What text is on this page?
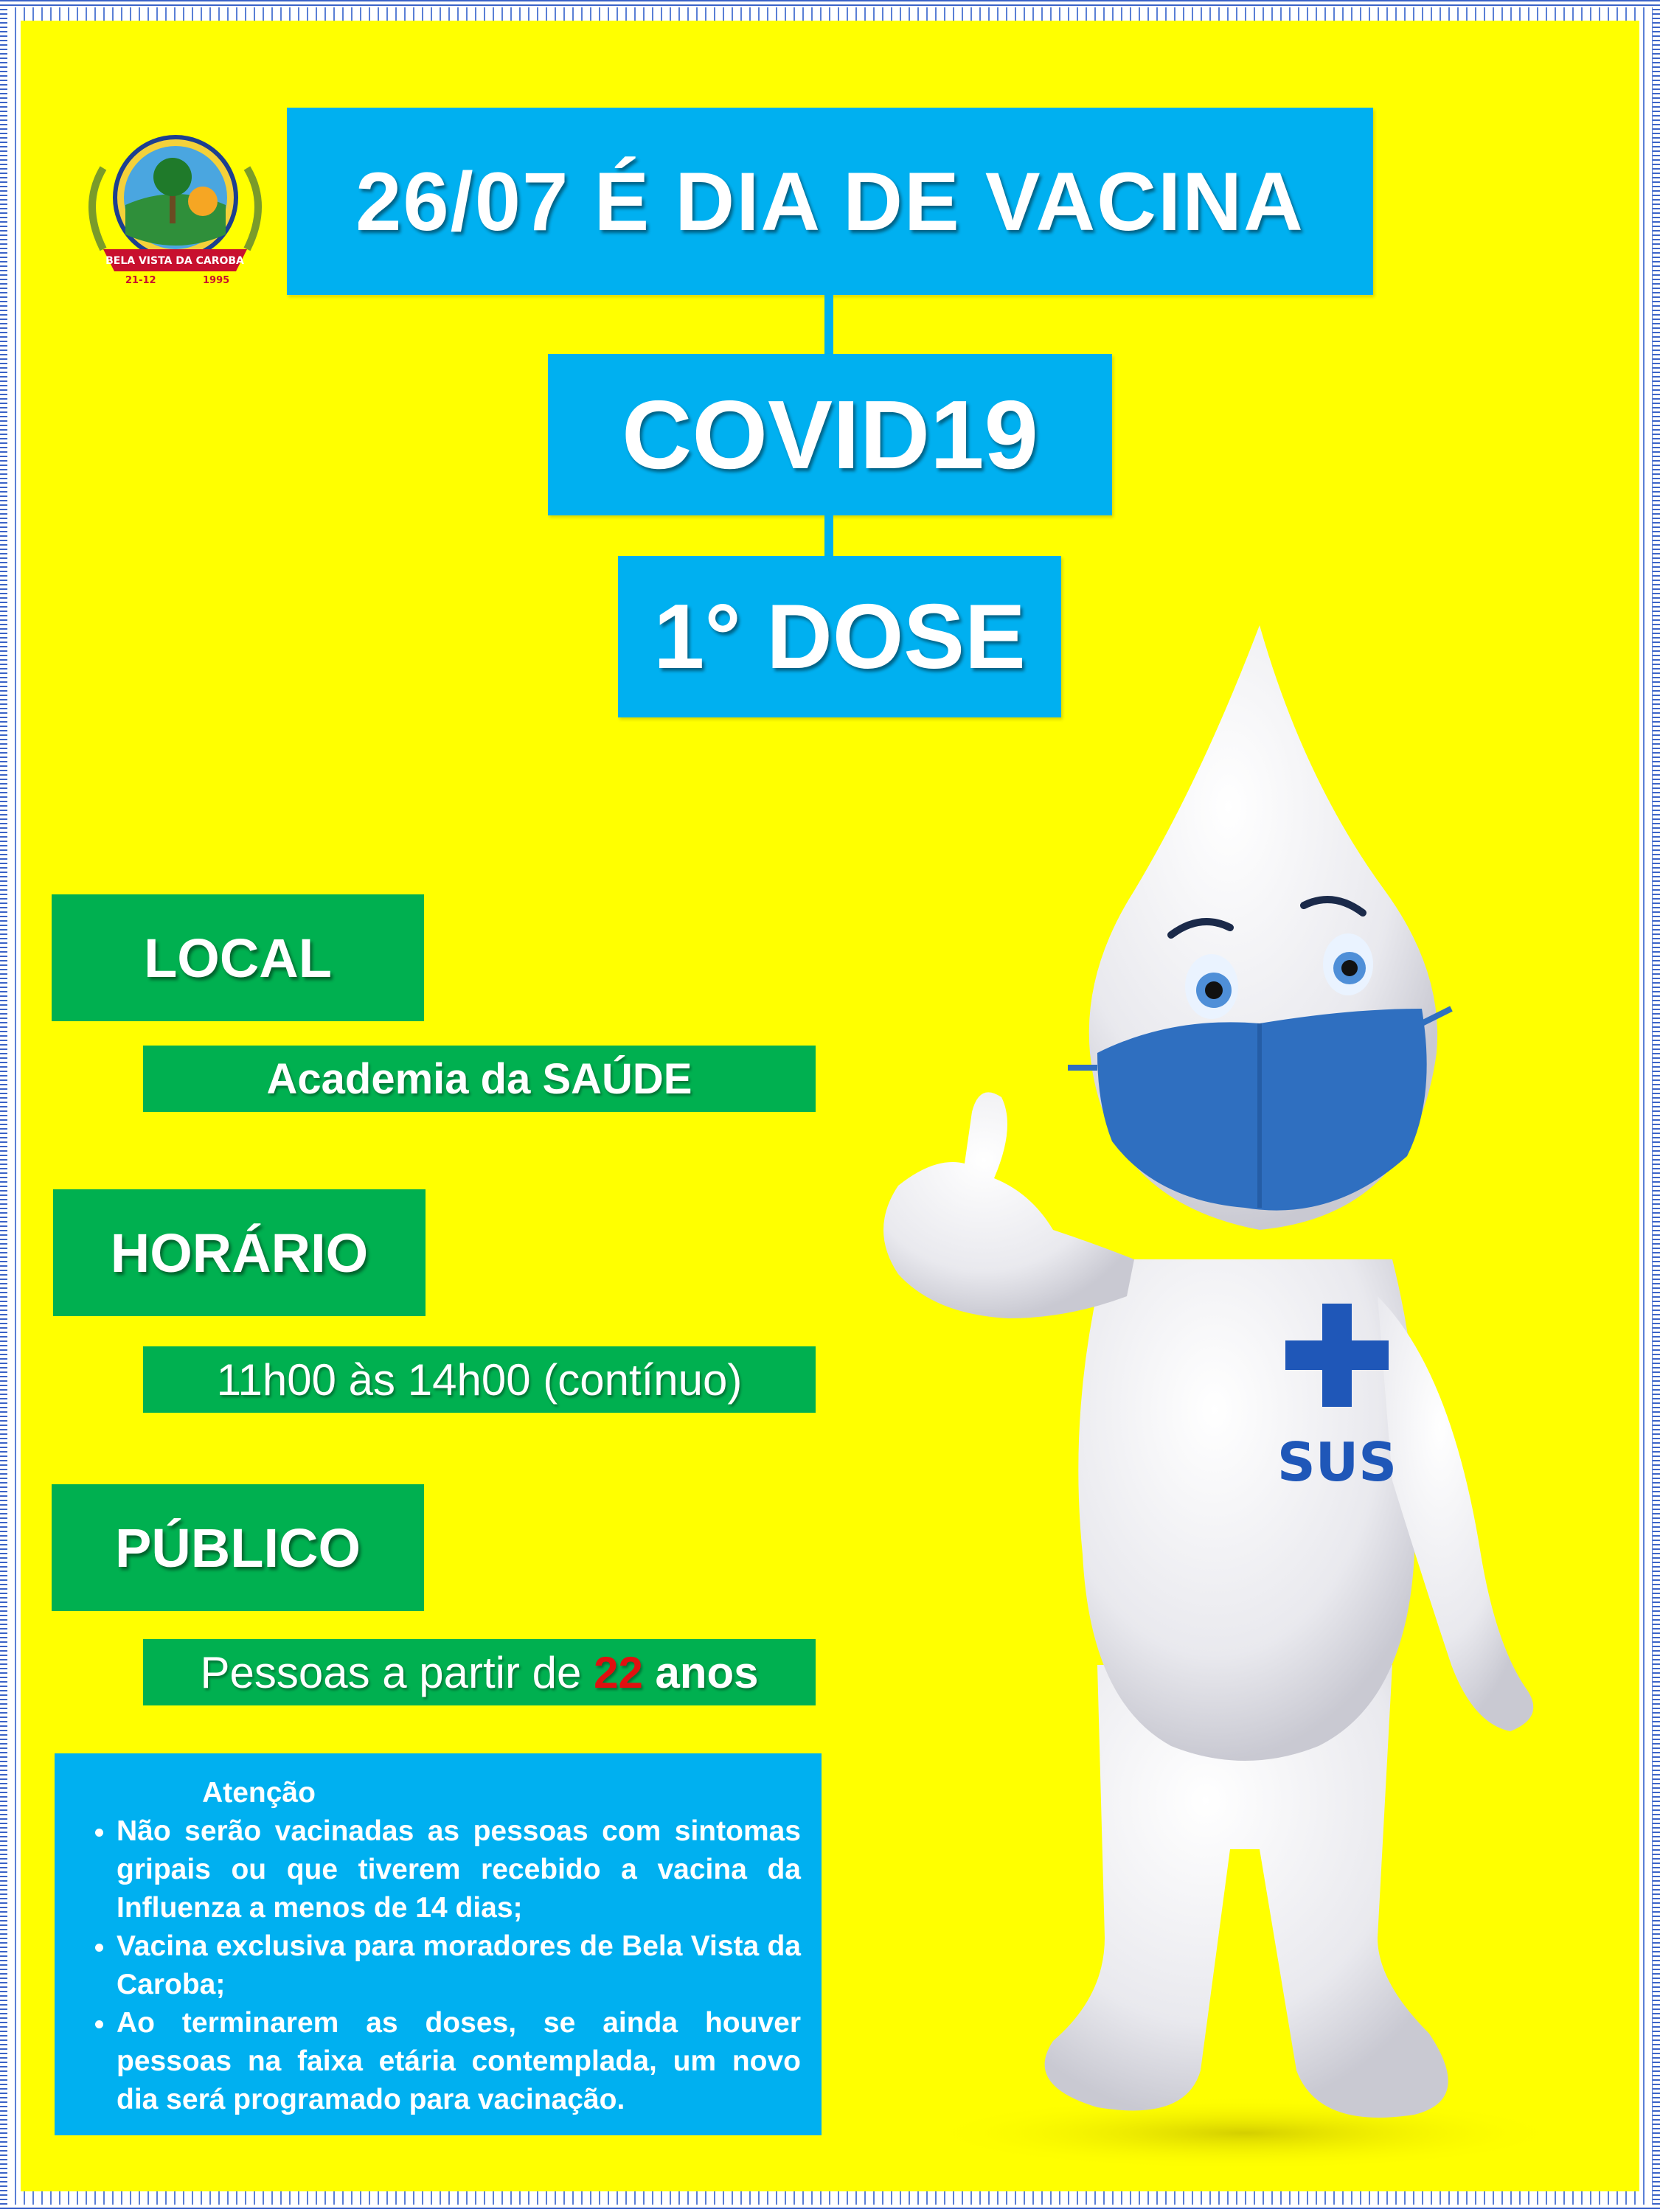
BELA VISTA DA CAROBA
21-12	1995
26/07 É DIA DE VACINA
COVID19
1° DOSE
LOCAL
Academia da SAÚDE
HORÁRIO
11h00 às 14h00 (contínuo)
PÚBLICO
Pessoas a partir de 22 anos
Atenção
• Não serão vacinadas as pessoas com sintomas gripais ou que tiverem recebido a vacina da Influenza a menos de 14 dias;
• Vacina exclusiva para moradores de Bela Vista da Caroba;
• Ao terminarem as doses, se ainda houver pessoas na faixa etária contemplada, um novo dia será programado para vacinação.
SUS
